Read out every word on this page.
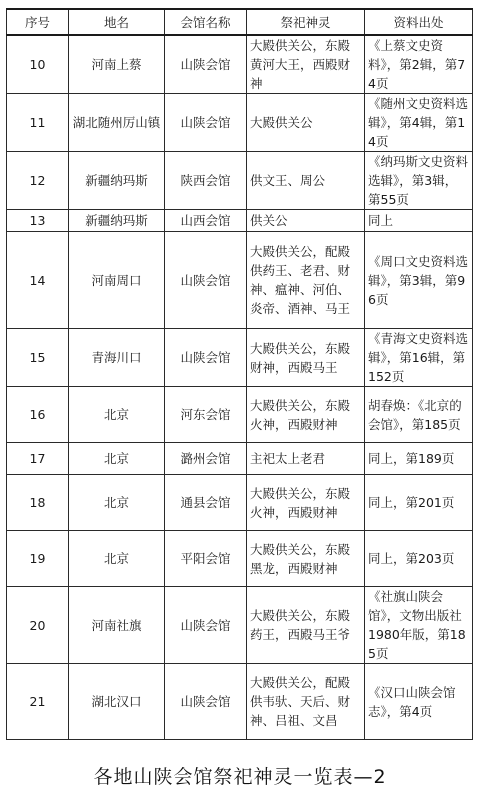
序号	地名	会馆名称	祭祀神灵	资料出处
10	河南上蔡	山陕会馆	大殿供关公，东殿黄河大王，西殿财神	《上蔡文史资料》，第2辑，第74页
11	湖北随州厉山镇	山陕会馆	大殿供关公	《随州文史资料选辑》，第4辑，第14页
12	新疆纳玛斯	陕西会馆	供文王、周公	《纳玛斯文史资料选辑》，第3辑，第55页
13	新疆纳玛斯	山西会馆	供关公	同上
14	河南周口	山陕会馆	大殿供关公，配殿供药王、老君、财神、瘟神、河伯、炎帝、酒神、马王	《周口文史资料选辑》，第3辑，第96页
15	青海川口	山陕会馆	大殿供关公，东殿财神，西殿马王	《青海文史资料选辑》，第16辑，第152页
16	北京	河东会馆	大殿供关公，东殿火神，西殿财神	胡春焕：《北京的会馆》，第185页
17	北京	潞州会馆	主祀太上老君	同上，第189页
18	北京	通县会馆	大殿供关公，东殿火神，西殿财神	同上，第201页
19	北京	平阳会馆	大殿供关公，东殿黑龙，西殿财神	同上，第203页
20	河南社旗	山陕会馆	大殿供关公，东殿药王，西殿马王爷	《社旗山陕会馆》，文物出版社1980年版，第185页
21	湖北汉口	山陕会馆	大殿供关公，配殿供韦驮、天后、财神、吕祖、文昌	《汉口山陕会馆志》，第4页
各地山陕会馆祭祀神灵一览表—2
